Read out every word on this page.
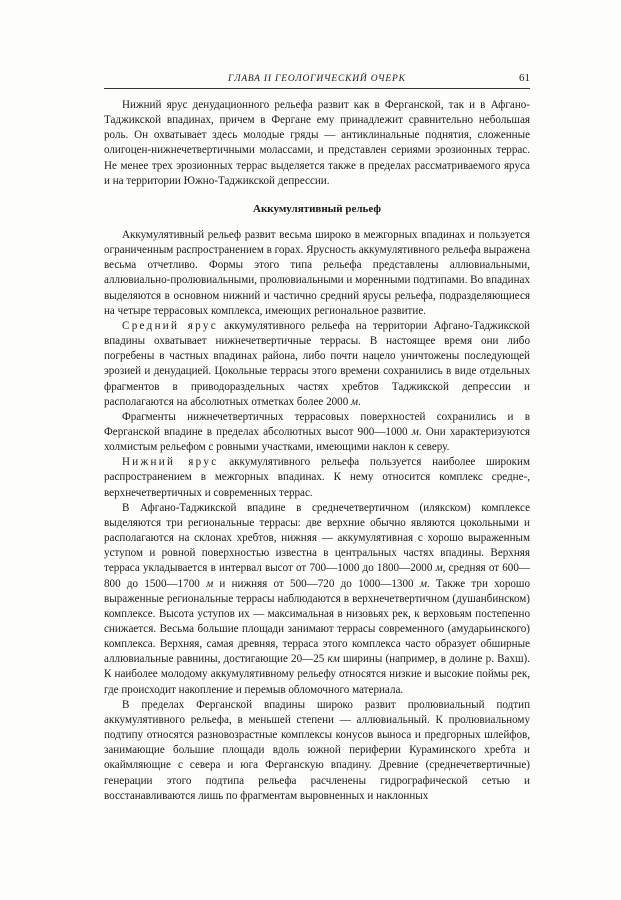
ГЛАВА II ГЕОЛОГИЧЕСКИЙ ОЧЕРК	61

Нижний ярус денудационного рельефа развит как в Ферганской, так и в Афгано-Таджикской впадинах, причем в Фергане ему принадлежит сравнительно небольшая роль. Он охватывает здесь молодые гряды — антиклинальные поднятия, сложенные олигоцен-нижнечетвертичными молассами, и представлен сериями эрозионных террас. Не менее трех эрозионных террас выделяется также в пределах рассматриваемого яруса и на территории Южно-Таджикской депрессии.

Аккумулятивный рельеф

Аккумулятивный рельеф развит весьма широко в межгорных впадинах и пользуется ограниченным распространением в горах. Ярусность аккумулятивного рельефа выражена весьма отчетливо. Формы этого типа рельефа представлены аллювиальными, аллювиально-пролювиальными, пролювиальными и моренными подтипами. Во впадинах выделяются в основном нижний и частично средний ярусы рельефа, подразделяющиеся на четыре террасовых комплекса, имеющих региональное развитие.

Средний ярус аккумулятивного рельефа на территории Афгано-Таджикской впадины охватывает нижнечетвертичные террасы. В настоящее время они либо погребены в частных впадинах района, либо почти нацело уничтожены последующей эрозией и денудацией. Цокольные террасы этого времени сохранились в виде отдельных фрагментов в приводораздельных частях хребтов Таджикской депрессии и располагаются на абсолютных отметках более 2000 м.

Фрагменты нижнечетвертичных террасовых поверхностей сохранились и в Ферганской впадине в пределах абсолютных высот 900—1000 м. Они характеризуются холмистым рельефом с ровными участками, имеющими наклон к северу.

Нижний ярус аккумулятивного рельефа пользуется наиболее широким распространением в межгорных впадинах. К нему относится комплекс средне-, верхнечетвертичных и современных террас.

В Афгано-Таджикской впадине в среднечетвертичном (илякском) комплексе выделяются три региональные террасы: две верхние обычно являются цокольными и располагаются на склонах хребтов, нижняя — аккумулятивная с хорошо выраженным уступом и ровной поверхностью известна в центральных частях впадины. Верхняя терраса укладывается в интервал высот от 700—1000 до 1800—2000 м, средняя от 600—800 до 1500—1700 м и нижняя от 500—720 до 1000—1300 м. Также три хорошо выраженные региональные террасы наблюдаются в верхнечетвертичном (душанбинском) комплексе. Высота уступов их — максимальная в низовьях рек, к верховьям постепенно снижается. Весьма большие площади занимают террасы современного (амударьинского) комплекса. Верхняя, самая древняя, терраса этого комплекса часто образует обширные аллювиальные равнины, достигающие 20—25 км ширины (например, в долине р. Вахш). К наиболее молодому аккумулятивному рельефу относятся низкие и высокие поймы рек, где происходит накопление и перемыв обломочного материала.

В пределах Ферганской впадины широко развит пролювиальный подтип аккумулятивного рельефа, в меньшей степени — аллювиальный. К пролювиальному подтипу относятся разновозрастные комплексы конусов выноса и предгорных шлейфов, занимающие большие площади вдоль южной периферии Кураминского хребта и окаймляющие с севера и юга Ферганскую впадину. Древние (среднечетвертичные) генерации этого подтипа рельефа расчленены гидрографической сетью и восстанавливаются лишь по фрагментам выровненных и наклонных
